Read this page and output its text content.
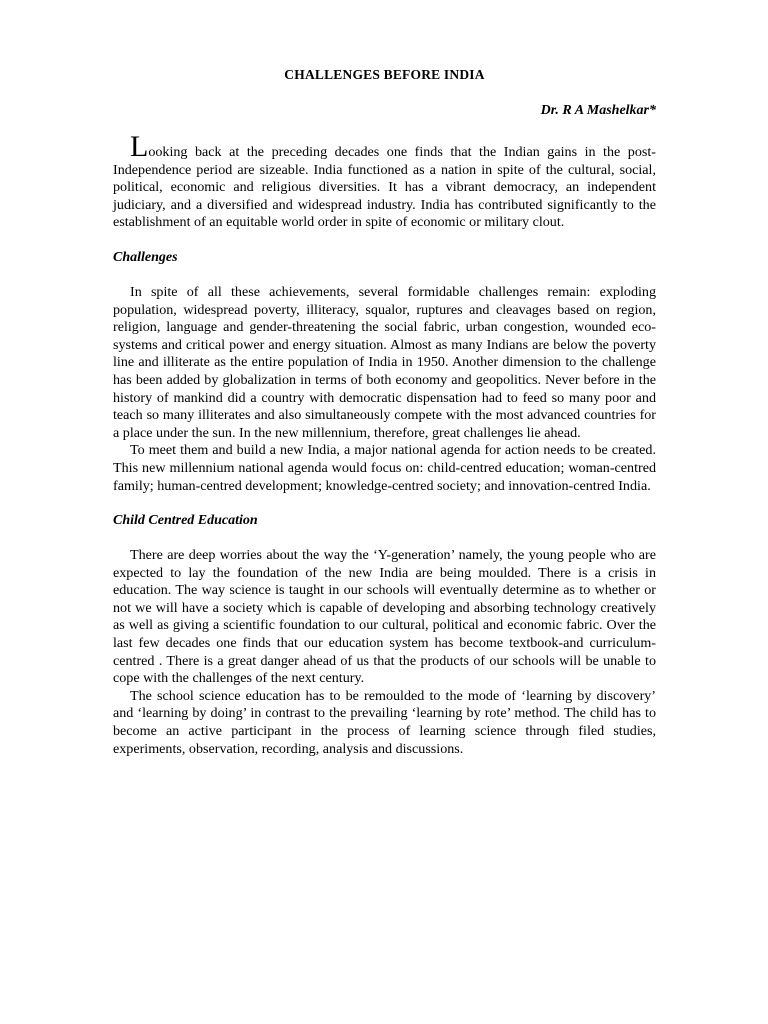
CHALLENGES BEFORE INDIA
Dr. R A Mashelkar*

Looking back at the preceding decades one finds that the Indian gains in the post-Independence period are sizeable. India functioned as a nation in spite of the cultural, social, political, economic and religious diversities. It has a vibrant democracy, an independent judiciary, and a diversified and widespread industry. India has contributed significantly to the establishment of an equitable world order in spite of economic or military clout.

Challenges

In spite of all these achievements, several formidable challenges remain: exploding population, widespread poverty, illiteracy, squalor, ruptures and cleavages based on region, religion, language and gender-threatening the social fabric, urban congestion, wounded eco-systems and critical power and energy situation. Almost as many Indians are below the poverty line and illiterate as the entire population of India in 1950. Another dimension to the challenge has been added by globalization in terms of both economy and geopolitics. Never before in the history of mankind did a country with democratic dispensation had to feed so many poor and teach so many illiterates and also simultaneously compete with the most advanced countries for a place under the sun. In the new millennium, therefore, great challenges lie ahead.

To meet them and build a new India, a major national agenda for action needs to be created. This new millennium national agenda would focus on: child-centred education; woman-centred family; human-centred development; knowledge-centred society; and innovation-centred India.

Child Centred Education

There are deep worries about the way the ‘Y-generation’ namely, the young people who are expected to lay the foundation of the new India are being moulded. There is a crisis in education. The way science is taught in our schools will eventually determine as to whether or not we will have a society which is capable of developing and absorbing technology creatively as well as giving a scientific foundation to our cultural, political and economic fabric. Over the last few decades one finds that our education system has become textbook-and curriculum-centred . There is a great danger ahead of us that the products of our schools will be unable to cope with the challenges of the next century.

The school science education has to be remoulded to the mode of ‘learning by discovery’ and ‘learning by doing’ in contrast to the prevailing ‘learning by rote’ method. The child has to become an active participant in the process of learning science through filed studies, experiments, observation, recording, analysis and discussions.
